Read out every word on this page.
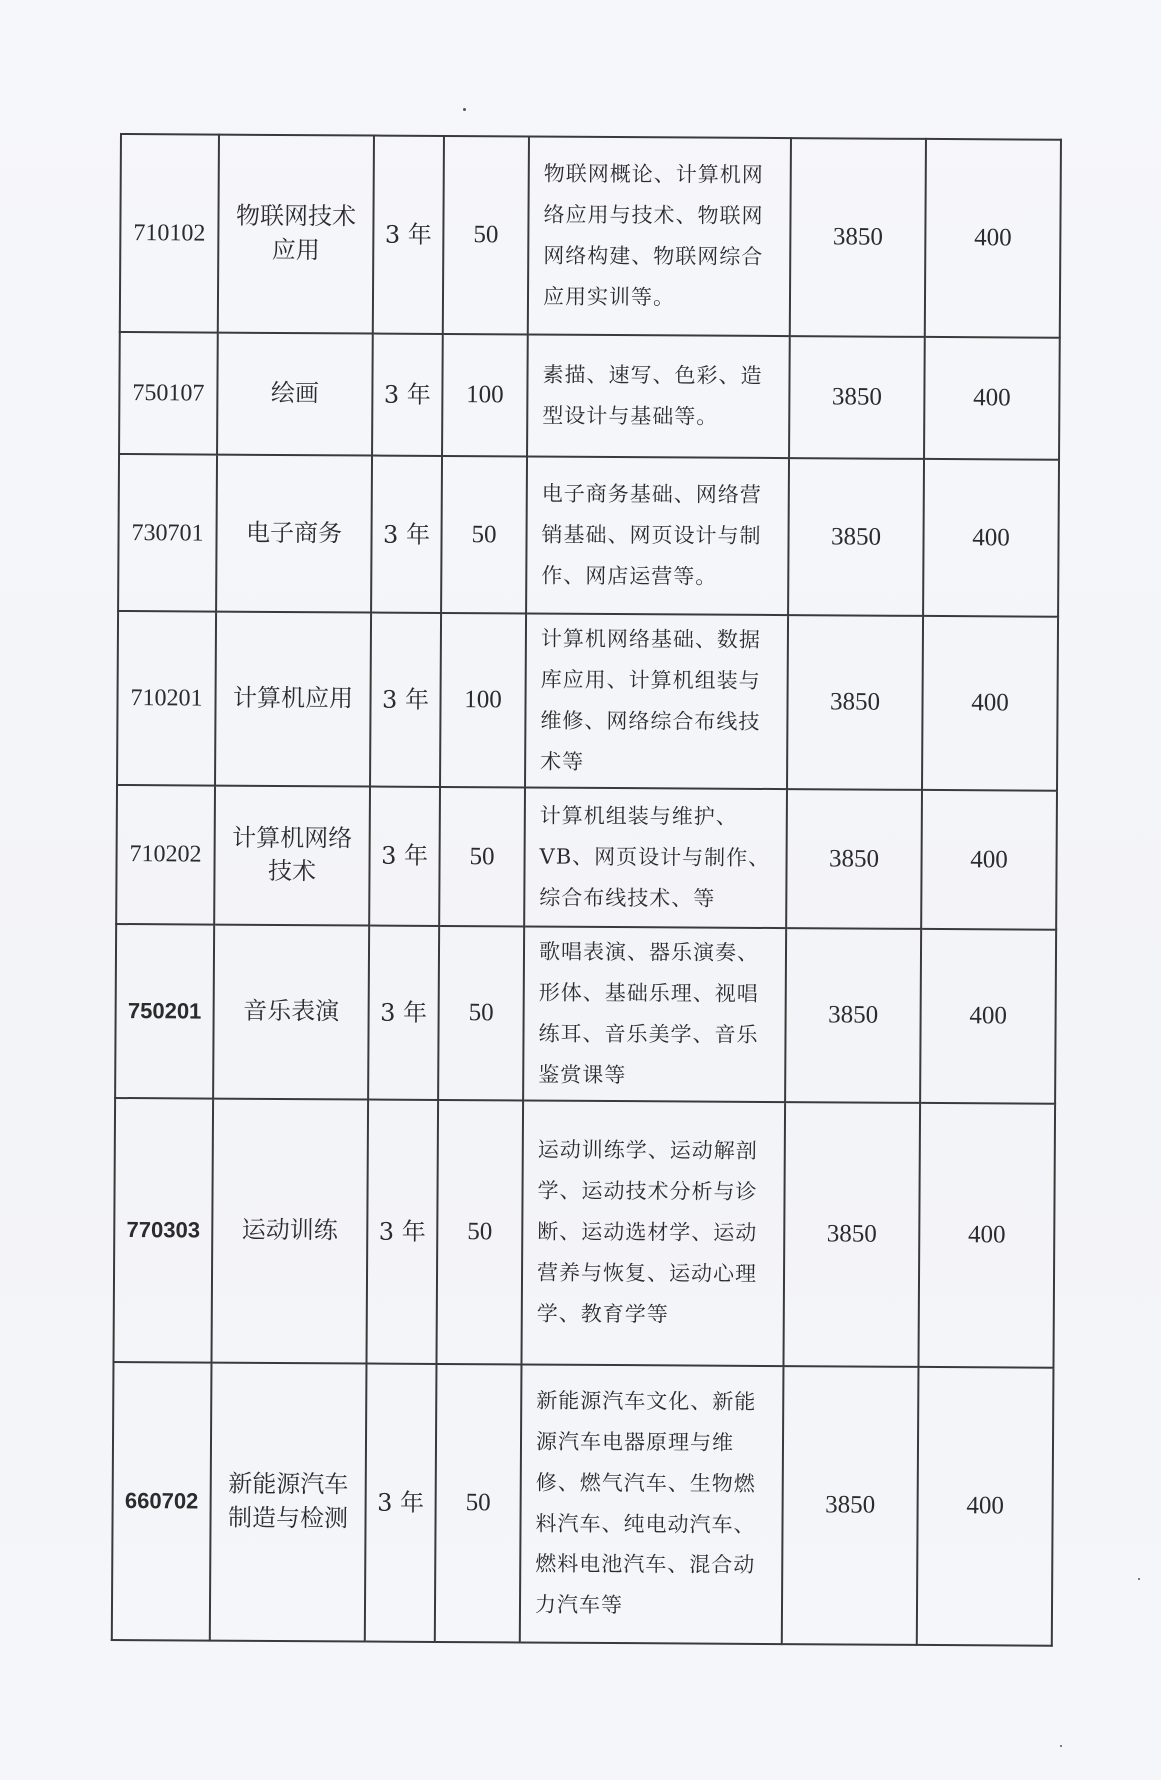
710102	物联网技术应用	3 年	50	物联网概论、计算机网络应用与技术、物联网网络构建、物联网综合应用实训等。	3850	400
750107	绘画	3 年	100	素描、速写、色彩、造型设计与基础等。	3850	400
730701	电子商务	3 年	50	电子商务基础、网络营销基础、网页设计与制作、网店运营等。	3850	400
710201	计算机应用	3 年	100	计算机网络基础、数据库应用、计算机组装与维修、网络综合布线技术等	3850	400
710202	计算机网络技术	3 年	50	计算机组装与维护、VB、网页设计与制作、综合布线技术、等	3850	400
750201	音乐表演	3 年	50	歌唱表演、器乐演奏、形体、基础乐理、视唱练耳、音乐美学、音乐鉴赏课等	3850	400
770303	运动训练	3 年	50	运动训练学、运动解剖学、运动技术分析与诊断、运动选材学、运动营养与恢复、运动心理学、教育学等	3850	400
660702	新能源汽车制造与检测	3 年	50	新能源汽车文化、新能源汽车电器原理与维修、燃气汽车、生物燃料汽车、纯电动汽车、燃料电池汽车、混合动力汽车等	3850	400
